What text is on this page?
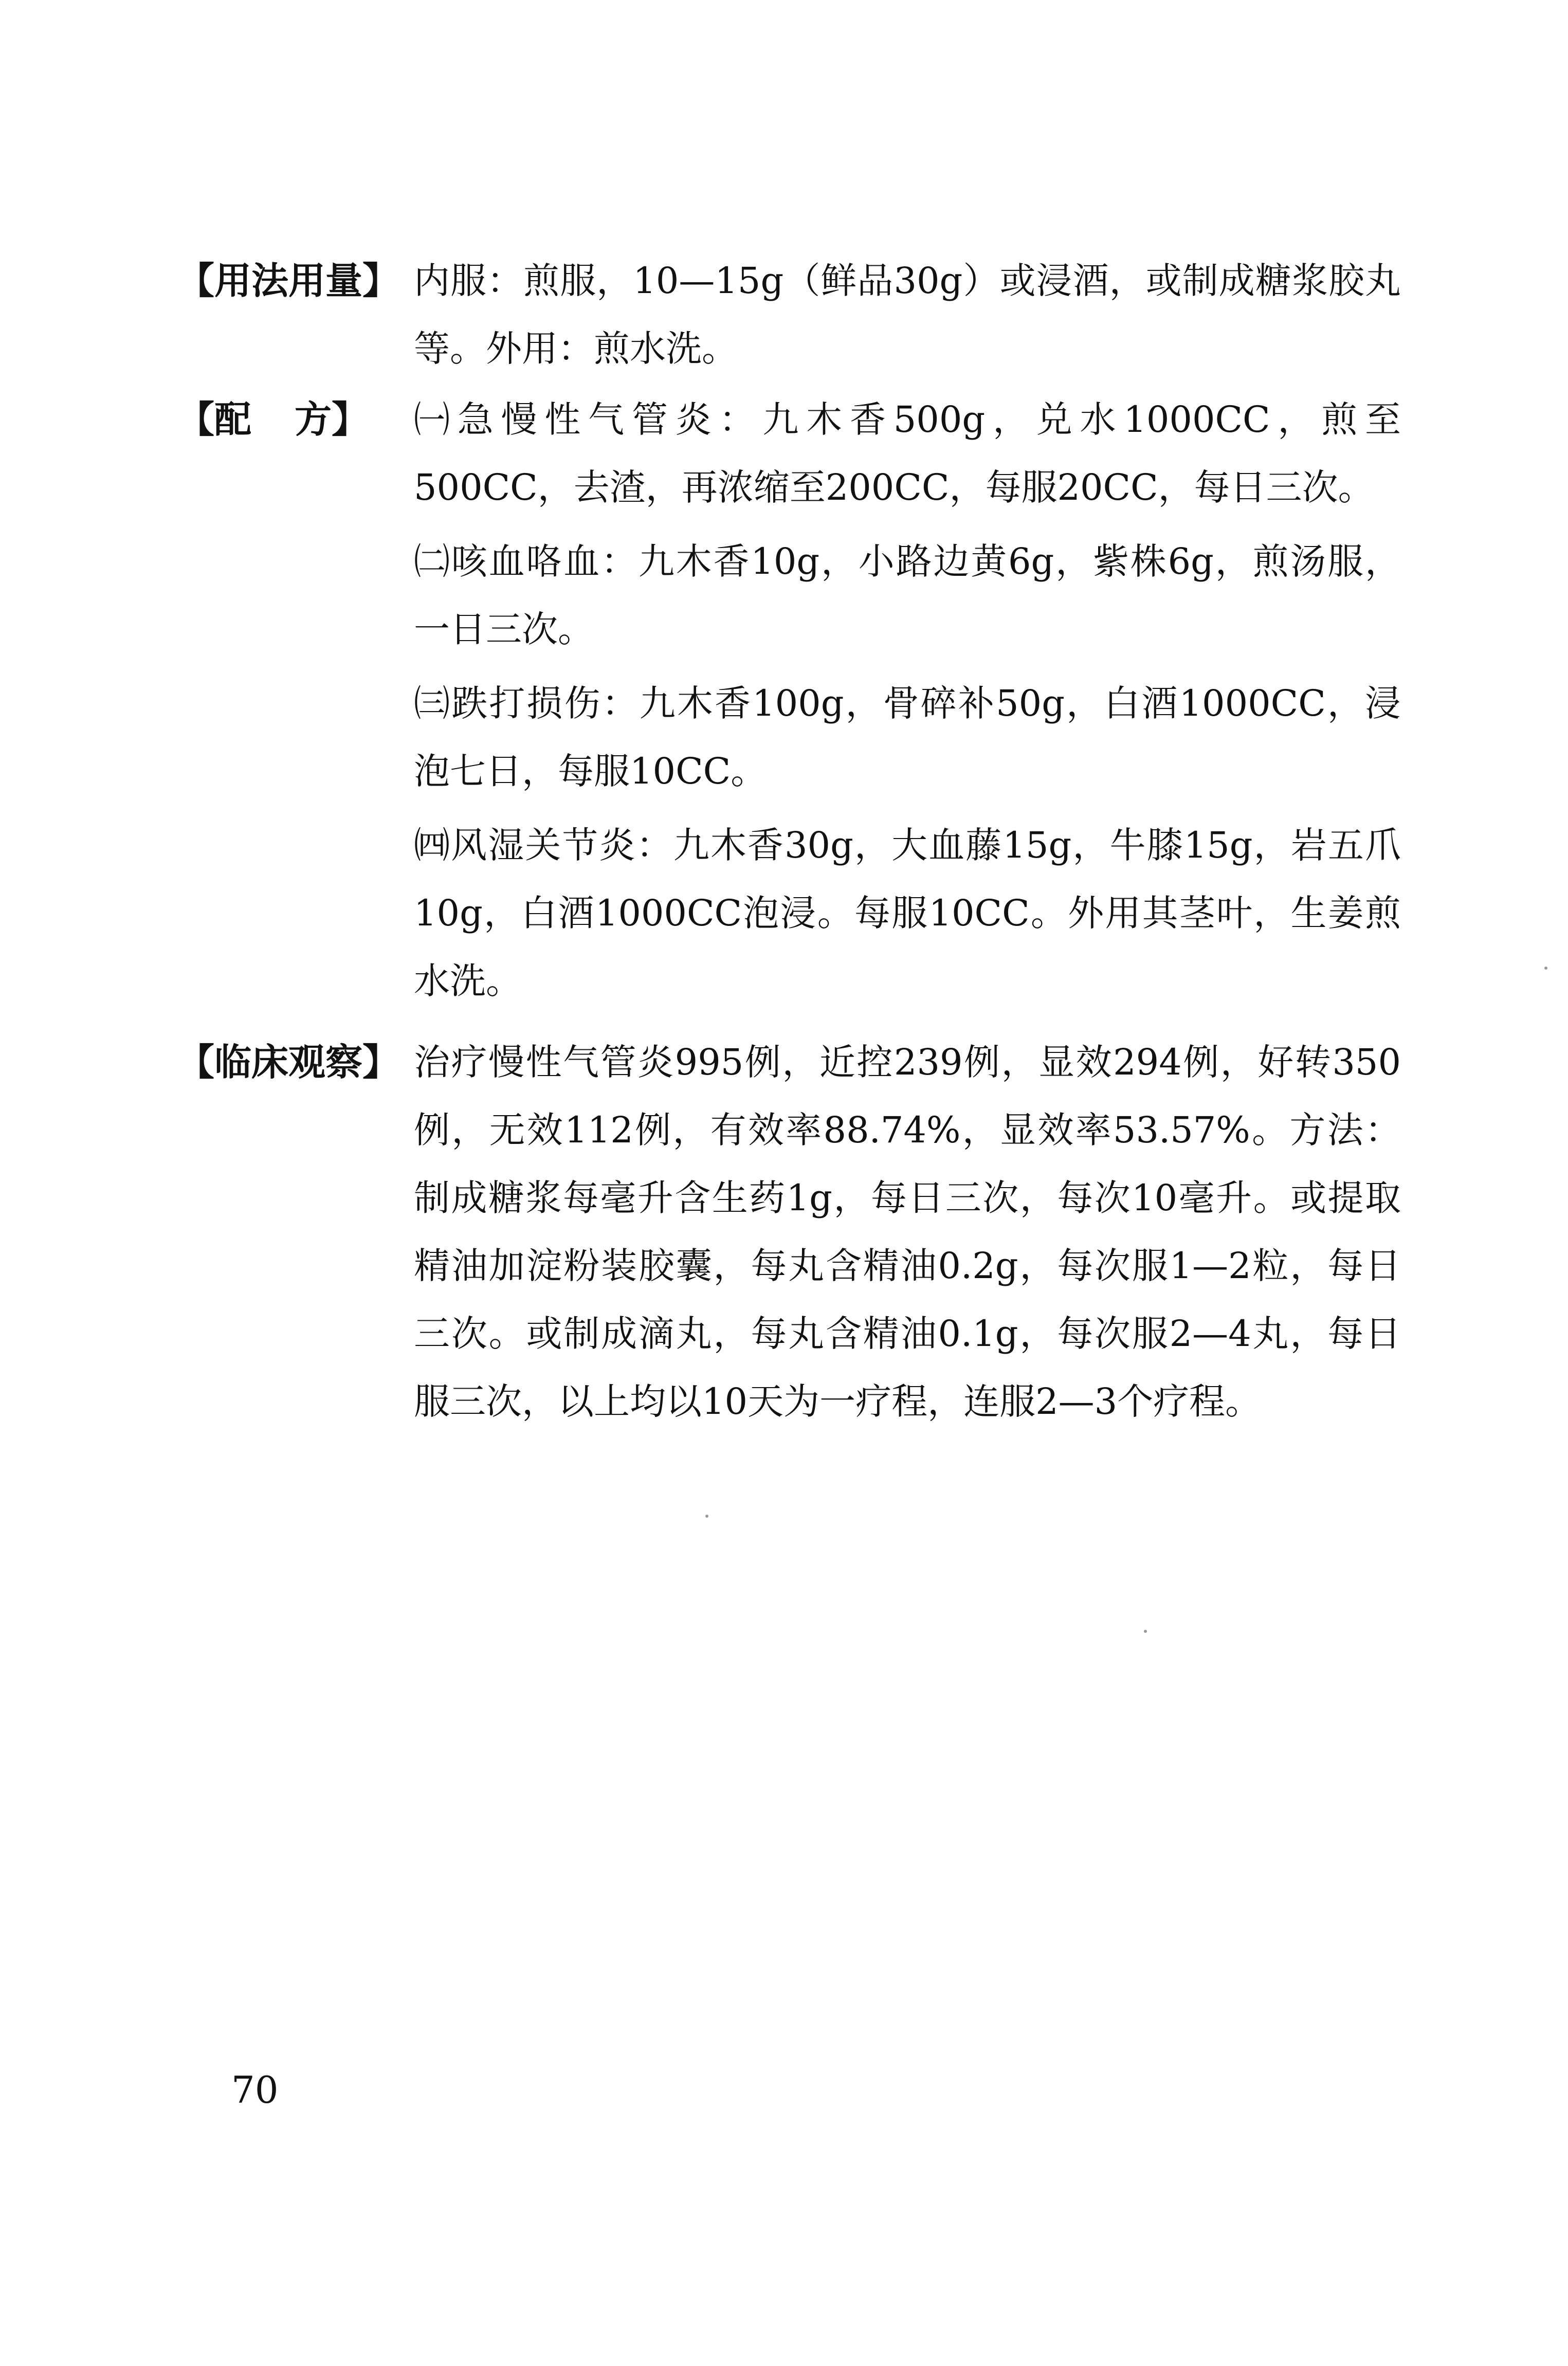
【用法用量】 内服：煎服，10—15g（鲜品30g）或浸酒，或制成糖浆胶丸等。外用：煎水洗。

【配 方】	㈠急慢性气管炎：九木香500g，兑水1000CC，煎至500CC，去渣，再浓缩至200CC，每服20CC，每日三次。

㈡咳血咯血：九木香10g，小路边黄6g，紫株6g，煎汤服，一日三次。

㈢跌打损伤：九木香100g，骨碎补50g，白酒1000CC，浸泡七日，每服10CC。

㈣风湿关节炎：九木香30g，大血藤15g，牛膝15g，岩五爪10g，白酒1000CC泡浸。每服10CC。外用其茎叶，生姜煎水洗。

【临床观察】 治疗慢性气管炎995例，近控239例，显效294例，好转350例，无效112例，有效率88.74%，显效率53.57%。方法：制成糖浆每毫升含生药1g，每日三次，每次10毫升。或提取精油加淀粉装胶囊，每丸含精油0.2g，每次服1—2粒，每日三次。或制成滴丸，每丸含精油0.1g，每次服2—4丸，每日服三次，以上均以10天为一疗程，连服2—3个疗程。

70
